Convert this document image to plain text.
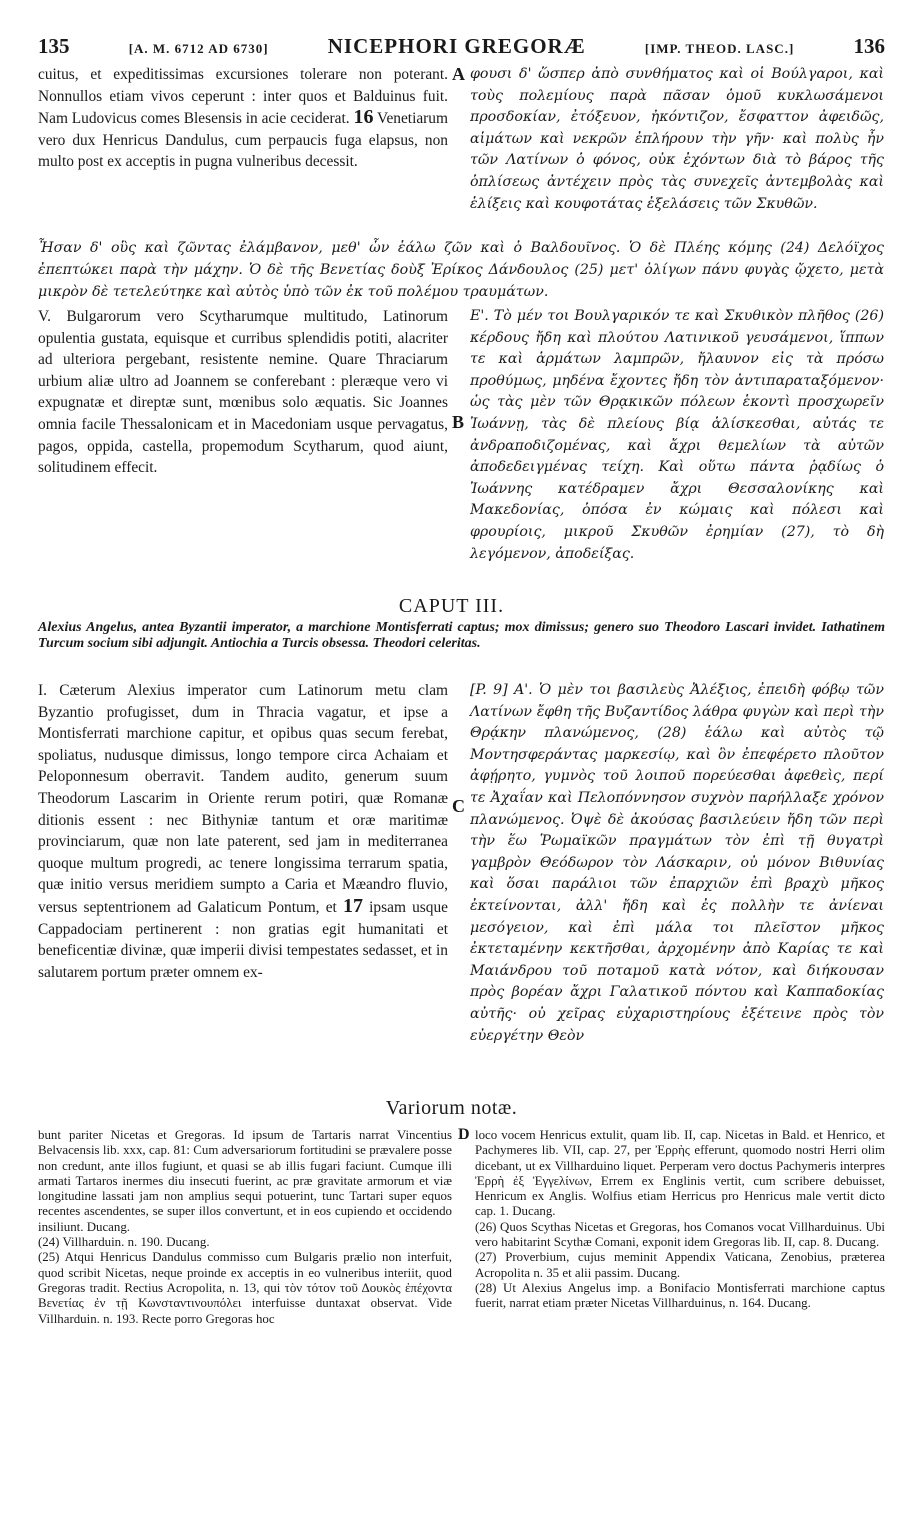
135	[A. M. 6712 AD 6730]	NICEPHORI GREGORÆ	[IMP. THEOD. LASC.]	136

cuitus, et expeditissimas excursiones tolerare non poterant. Nonnullos etiam vivos ceperunt : inter quos et Balduinus fuit. Nam Ludovicus comes Blesensis in acie ceciderat. 16 Venetiarum vero dux Henricus Dandulus, cum perpaucis fuga elapsus, non multo post ex acceptis in pugna vulneribus decessit.

A φουσι δ' ὥσπερ ἀπὸ συνθήματος καὶ οἱ Βούλγαροι, καὶ τοὺς πολεμίους παρὰ πᾶσαν ὁμοῦ κυκλωσάμενοι προσδοκίαν, ἐτόξευον, ἠκόντιζον, ἔσφαττον ἀφειδῶς, αἱμάτων καὶ νεκρῶν ἐπλήρουν τὴν γῆν· καὶ πολὺς ἦν τῶν Λατίνων ὁ φόνος, οὐκ ἐχόντων διὰ τὸ βάρος τῆς ὁπλίσεως ἀντέχειν πρὸς τὰς συνεχεῖς ἀντεμβολὰς καὶ ἑλίξεις καὶ κουφοτάτας ἐξελάσεις τῶν Σκυθῶν.

Ἦσαν δ' οὓς καὶ ζῶντας ἐλάμβανον, μεθ' ὧν ἑάλω ζῶν καὶ ὁ Βαλδουῖνος. Ὁ δὲ Πλέης κόμης (24) Δελόϊχος ἐπεπτώκει παρὰ τὴν μάχην. Ὁ δὲ τῆς Βενετίας δοὺξ Ἐρίκος Δάνδουλος (25) μετ' ὀλίγων πάνυ φυγὰς ᾤχετο, μετὰ μικρὸν δὲ τετελεύτηκε καὶ αὐτὸς ὑπὸ τῶν ἐκ τοῦ πολέμου τραυμάτων.

V. Bulgarorum vero Scytharumque multitudo, Latinorum opulentia gustata, equisque et curribus splendidis potiti, alacriter ad ulteriora pergebant, resistente nemine. Quare Thraciarum urbium aliæ ultro ad Joannem se conferebant : pleræque vero vi expugnatæ et direptæ sunt, mœnibus solo æquatis. Sic Joannes omnia facile Thessalonicam et in Macedoniam usque pervagatus, pagos, oppida, castella, propemodum Scytharum, quod aiunt, solitudinem effecit.

B

Ε'. Τὸ μέν τοι Βουλγαρικόν τε καὶ Σκυθικὸν πλῆθος (26) κέρδους ἤδη καὶ πλούτου Λατινικοῦ γευσάμενοι, ἵππων τε καὶ ἁρμάτων λαμπρῶν, ἤλαυνον εἰς τὰ πρόσω προθύμως, μηδένα ἔχοντες ἤδη τὸν ἀντιπαραταξόμενον· ὡς τὰς μὲν τῶν Θρᾳκικῶν πόλεων ἑκοντὶ προσχωρεῖν Ἰωάννῃ, τὰς δὲ πλείους βίᾳ ἁλίσκεσθαι, αὐτάς τε ἀνδραποδιζομένας, καὶ ἄχρι θεμελίων τὰ αὐτῶν ἀποδεδειγμένας τείχη. Καὶ οὕτω πάντα ῥᾳδίως ὁ Ἰωάννης κατέδραμεν ἄχρι Θεσσαλονίκης καὶ Μακεδονίας, ὁπόσα ἐν κώμαις καὶ πόλεσι καὶ φρουρίοις, μικροῦ Σκυθῶν ἐρημίαν (27), τὸ δὴ λεγόμενον, ἀποδείξας.

CAPUT III.
Alexius Angelus, antea Byzantii imperator, a marchione Montisferrati captus; mox dimissus; genero suo Theodoro Lascari invidet. Iathatinem Turcum socium sibi adjungit. Antiochia a Turcis obsessa. Theodori celeritas.

I. Cæterum Alexius imperator cum Latinorum metu clam Byzantio profugisset, dum in Thracia vagatur, et ipse a Montisferrati marchione capitur, et opibus quas secum ferebat, spoliatus, nudusque dimissus, longo tempore circa Achaiam et Peloponnesum oberravit. Tandem audito, generum suum Theodorum Lascarim in Oriente rerum potiri, quæ Romanæ ditionis essent : nec Bithyniæ tantum et oræ maritimæ provinciarum, quæ non late paterent, sed jam in mediterranea quoque multum progredi, ac tenere longissima terrarum spatia, quæ initio versus meridiem sumpto a Caria et Mæandro fluvio, versus septentrionem ad Galaticum Pontum, et 17 ipsam usque Cappadociam pertinerent : non gratias egit humanitati et beneficentiæ divinæ, quæ imperii divisi tempestates sedasset, et in salutarem portum præter omnem ex-

C

[P. 9] Α'. Ὁ μὲν τοι βασιλεὺς Ἀλέξιος, ἐπειδὴ φόβῳ τῶν Λατίνων ἔφθη τῆς Βυζαντίδος λάθρα φυγὼν καὶ περὶ τὴν Θρᾴκην πλανώμενος, (28) ἑάλω καὶ αὐτὸς τῷ Μοντησφεράντας μαρκεσίῳ, καὶ ὃν ἐπεφέρετο πλοῦτον ἀφῄρητο, γυμνὸς τοῦ λοιποῦ πορεύεσθαι ἀφεθεὶς, περί τε Ἀχαΐαν καὶ Πελοπόννησον συχνὸν παρήλλαξε χρόνον πλανώμενος. Ὀψὲ δὲ ἀκούσας βασιλεύειν ἤδη τῶν περὶ τὴν ἕω Ῥωμαϊκῶν πραγμάτων τὸν ἐπὶ τῇ θυγατρὶ γαμβρὸν Θεόδωρον τὸν Λάσκαριν, οὐ μόνον Βιθυνίας καὶ ὅσαι παράλιοι τῶν ἐπαρχιῶν ἐπὶ βραχὺ μῆκος ἐκτείνονται, ἀλλ' ἤδη καὶ ἐς πολλὴν τε ἀνίεναι μεσόγειον, καὶ ἐπὶ μάλα τοι πλεῖστον μῆκος ἐκτεταμένην κεκτῆσθαι, ἀρχομένην ἀπὸ Καρίας τε καὶ Μαιάνδρου τοῦ ποταμοῦ κατὰ νότον, καὶ διήκουσαν πρὸς βορέαν ἄχρι Γαλατικοῦ πόντου καὶ Καππαδοκίας αὐτῆς· οὐ χεῖρας εὐχαριστηρίους ἐξέτεινε πρὸς τὸν εὐεργέτην Θεὸν

Variorum notæ.

bunt pariter Nicetas et Gregoras. Id ipsum de Tartaris narrat Vincentius Belvacensis lib. xxx, cap. 81: Cum adversariorum fortitudini se prævalere posse non credunt, ante illos fugiunt, et quasi se ab illis fugari faciunt. Cumque illi armati Tartaros inermes diu insecuti fuerint, ac præ gravitate armorum et viæ longitudine lassati jam non amplius sequi potuerint, tunc Tartari super equos recentes ascendentes, se super illos convertunt, et in eos cupiendo et occidendo insiliunt. Ducang.

(24) Villharduin. n. 190. Ducang.

(25) Atqui Henricus Dandulus commisso cum Bulgaris prælio non interfuit, quod scribit Nicetas, neque proinde ex acceptis in eo vulneribus interiit, quod Gregoras tradit. Rectius Acropolita, n. 13, qui τὸν τότον τοῦ Δουκὸς ἐπέχοντα Βενετίας ἐν τῇ Κωνσταντινουπόλει interfuisse duntaxat observat. Vide Villharduin. n. 193. Recte porro Gregoras hoc

D loco vocem Henricus extulit, quam lib. II, cap. Nicetas in Bald. et Henrico, et Pachymeres lib. VII, cap. 27, per Ἐρρὴς efferunt, quomodo nostri Herri olim dicebant, ut ex Villharduino liquet. Perperam vero doctus Pachymeris interpres Ἐρρὴ ἐξ Ἐγγελίνων, Errem ex Englinis vertit, cum scribere debuisset, Henricum ex Anglis. Wolfius etiam Herricus pro Henricus male vertit dicto cap. 1. Ducang.

(26) Quos Scythas Nicetas et Gregoras, hos Comanos vocat Villharduinus. Ubi vero habitarint Scythæ Comani, exponit idem Gregoras lib. II, cap. 8. Ducang.

(27) Proverbium, cujus meminit Appendix Vaticana, Zenobius, præterea Acropolita n. 35 et alii passim. Ducang.

(28) Ut Alexius Angelus imp. a Bonifacio Montisferrati marchione captus fuerit, narrat etiam præter Nicetas Villharduinus, n. 164. Ducang.
